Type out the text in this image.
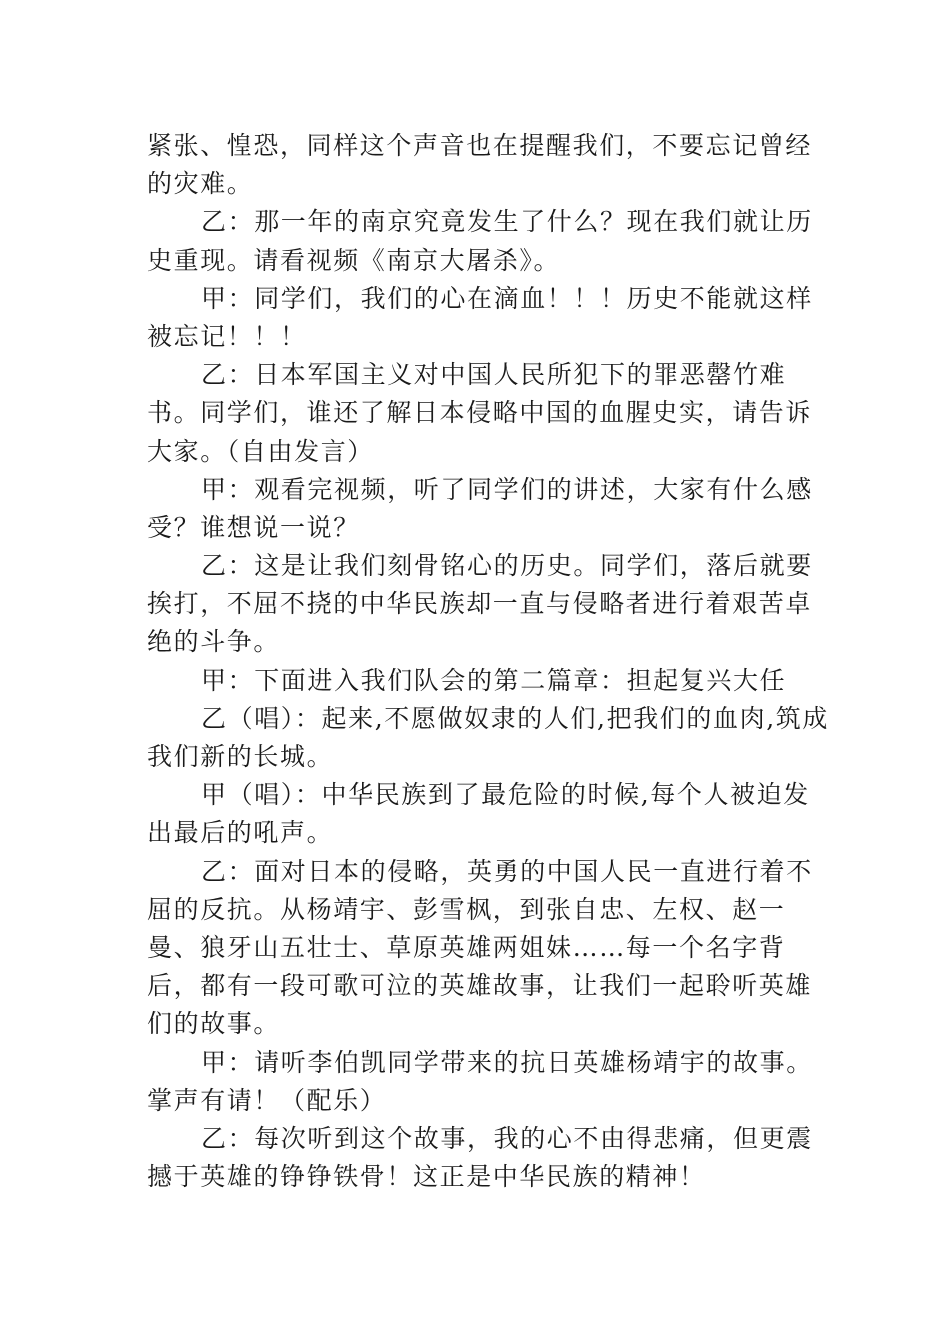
紧张、惶恐，同样这个声音也在提醒我们，不要忘记曾经
的灾难。
乙：那一年的南京究竟发生了什么？现在我们就让历
史重现。请看视频《南京大屠杀》。
甲：同学们，我们的心在滴血！！！历史不能就这样
被忘记！！！
乙：日本军国主义对中国人民所犯下的罪恶罄竹难
书。同学们，谁还了解日本侵略中国的血腥史实，请告诉
大家。（自由发言）
甲：观看完视频，听了同学们的讲述，大家有什么感
受？谁想说一说？
乙：这是让我们刻骨铭心的历史。同学们，落后就要
挨打，不屈不挠的中华民族却一直与侵略者进行着艰苦卓
绝的斗争。
甲：下面进入我们队会的第二篇章：担起复兴大任
乙（唱）：起来,不愿做奴隶的人们,把我们的血肉,筑成
我们新的长城。
甲（唱）：中华民族到了最危险的时候,每个人被迫发
出最后的吼声。
乙：面对日本的侵略，英勇的中国人民一直进行着不
屈的反抗。从杨靖宇、彭雪枫，到张自忠、左权、赵一
曼、狼牙山五壮士、草原英雄两姐妹……每一个名字背
后，都有一段可歌可泣的英雄故事，让我们一起聆听英雄
们的故事。
甲：请听李伯凯同学带来的抗日英雄杨靖宇的故事。
掌声有请！（配乐）
乙：每次听到这个故事，我的心不由得悲痛，但更震
撼于英雄的铮铮铁骨！这正是中华民族的精神！
